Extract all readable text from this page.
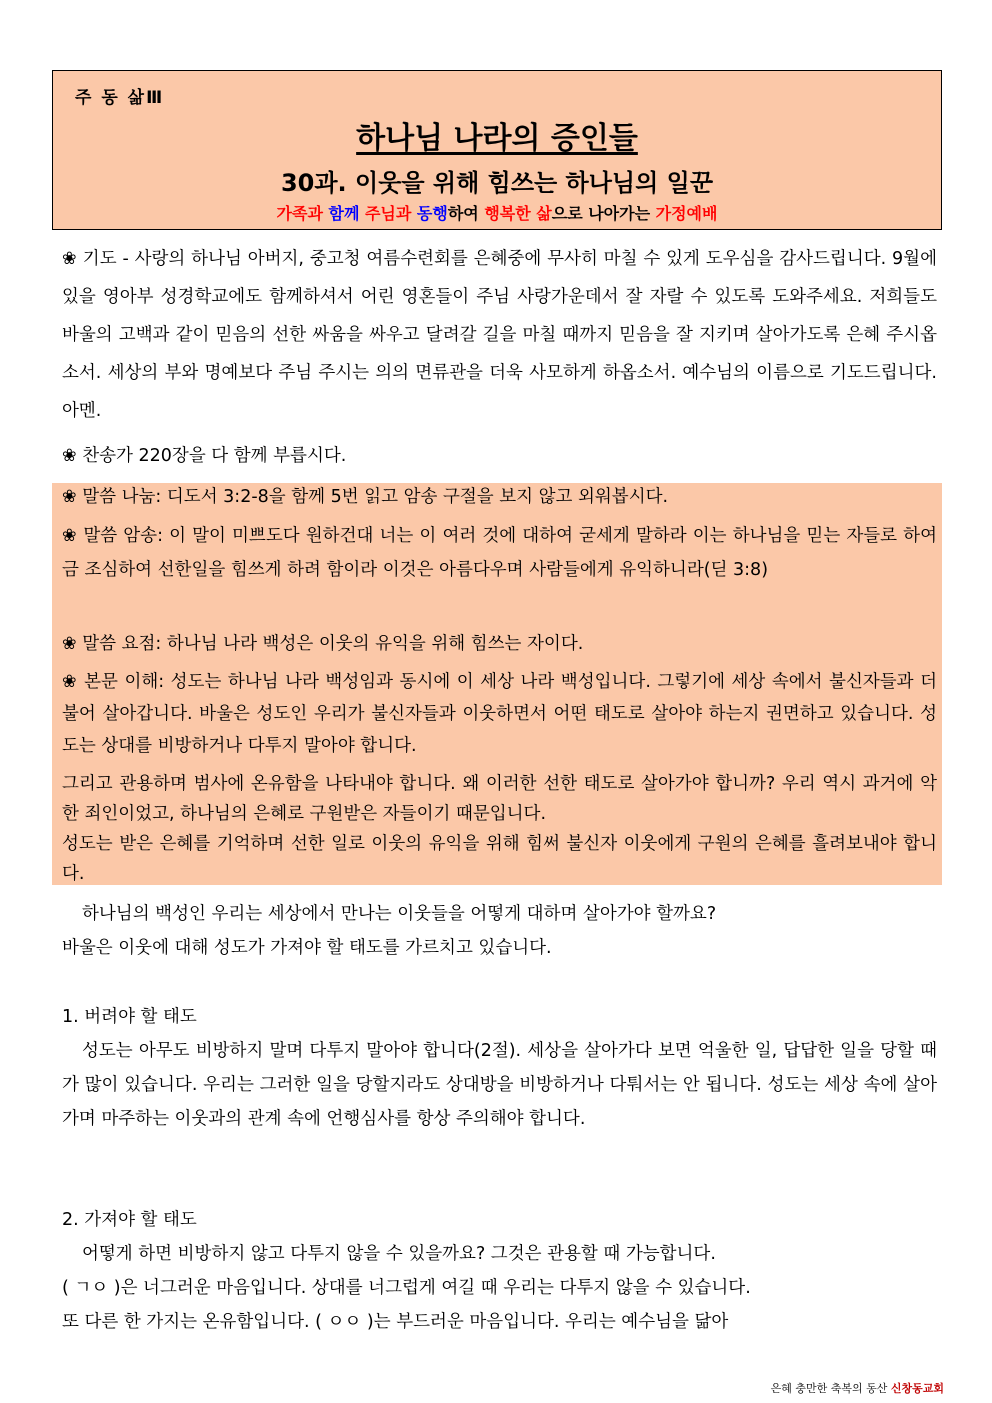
주 동 삶Ⅲ
하나님 나라의 증인들
30과. 이웃을 위해 힘쓰는 하나님의 일꾼
가족과 함께 주님과 동행하여 행복한 삶으로 나아가는 가정예배

❀ 기도 - 사랑의 하나님 아버지, 중고청 여름수련회를 은혜중에 무사히 마칠 수 있게 도우심을 감사드립니다. 9월에 있을 영아부 성경학교에도 함께하셔서 어린 영혼들이 주님 사랑가운데서 잘 자랄 수 있도록 도와주세요. 저희들도 바울의 고백과 같이 믿음의 선한 싸움을 싸우고 달려갈 길을 마칠 때까지 믿음을 잘 지키며 살아가도록 은혜 주시옵소서. 세상의 부와 명예보다 주님 주시는 의의 면류관을 더욱 사모하게 하옵소서. 예수님의 이름으로 기도드립니다. 아멘.

❀ 찬송가 220장을 다 함께 부릅시다.

❀ 말씀 나눔: 디도서 3:2-8을 함께 5번 읽고 암송 구절을 보지 않고 외워봅시다.

❀ 말씀 암송: 이 말이 미쁘도다 원하건대 너는 이 여러 것에 대하여 굳세게 말하라 이는 하나님을 믿는 자들로 하여금 조심하여 선한일을 힘쓰게 하려 함이라 이것은 아름다우며 사람들에게 유익하니라(딛 3:8)

❀ 말씀 요점: 하나님 나라 백성은 이웃의 유익을 위해 힘쓰는 자이다.

❀ 본문 이해: 성도는 하나님 나라 백성임과 동시에 이 세상 나라 백성입니다. 그렇기에 세상 속에서 불신자들과 더불어 살아갑니다. 바울은 성도인 우리가 불신자들과 이웃하면서 어떤 태도로 살아야 하는지 권면하고 있습니다. 성도는 상대를 비방하거나 다투지 말아야 합니다.

그리고 관용하며 범사에 온유함을 나타내야 합니다. 왜 이러한 선한 태도로 살아가야 합니까? 우리 역시 과거에 악한 죄인이었고, 하나님의 은혜로 구원받은 자들이기 때문입니다.

성도는 받은 은혜를 기억하며 선한 일로 이웃의 유익을 위해 힘써 불신자 이웃에게 구원의 은혜를 흘려보내야 합니다.

하나님의 백성인 우리는 세상에서 만나는 이웃들을 어떻게 대하며 살아가야 할까요?

바울은 이웃에 대해 성도가 가져야 할 태도를 가르치고 있습니다.

1. 버려야 할 태도

성도는 아무도 비방하지 말며 다투지 말아야 합니다(2절). 세상을 살아가다 보면 억울한 일, 답답한 일을 당할 때가 많이 있습니다. 우리는 그러한 일을 당할지라도 상대방을 비방하거나 다퉈서는 안 됩니다. 성도는 세상 속에 살아가며 마주하는 이웃과의 관계 속에 언행심사를 항상 주의해야 합니다.

2. 가져야 할 태도

어떻게 하면 비방하지 않고 다투지 않을 수 있을까요? 그것은 관용할 때 가능합니다.

( ㄱㅇ )은 너그러운 마음입니다. 상대를 너그럽게 여길 때 우리는 다투지 않을 수 있습니다.

또 다른 한 가지는 온유함입니다. ( ㅇㅇ )는 부드러운 마음입니다. 우리는 예수님을 닮아

은혜 충만한 축복의 동산 신창동교회
